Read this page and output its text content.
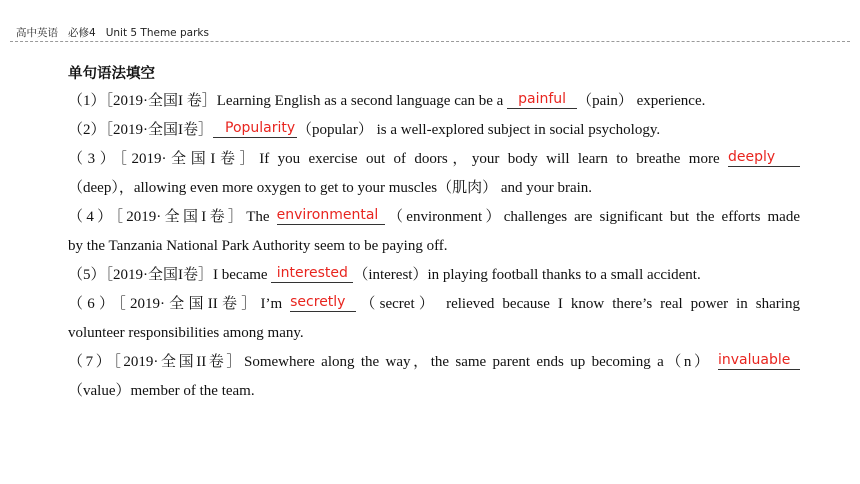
高中英语 必修4 Unit 5 Theme parks
单句语法填空
（1）［2019·全国I 卷］Learning English as a second language can be a painful （pain） experience.
（2）［2019·全国I卷］ Popularity （popular） is a well-explored subject in social psychology.
（3）［2019·全国I卷］If you exercise out of doors，your body will learn to breathe more deeply
（deep），allowing even more oxygen to get to your muscles（肌肉） and your brain.
（4）［2019·全国I卷］The environmental （environment）challenges are significant but the efforts made
by the Tanzania National Park Authority seem to be paying off.
（5）［2019·全国I卷］I became interested （interest）in playing football thanks to a small accident.
（6）［2019·全国II卷］I’m secretly （secret） relieved because I know there’s real power in sharing
volunteer responsibilities among many.
（7）［2019·全国II卷］Somewhere along the way，the same parent ends up becoming a（n） invaluable
（value）member of the team.
